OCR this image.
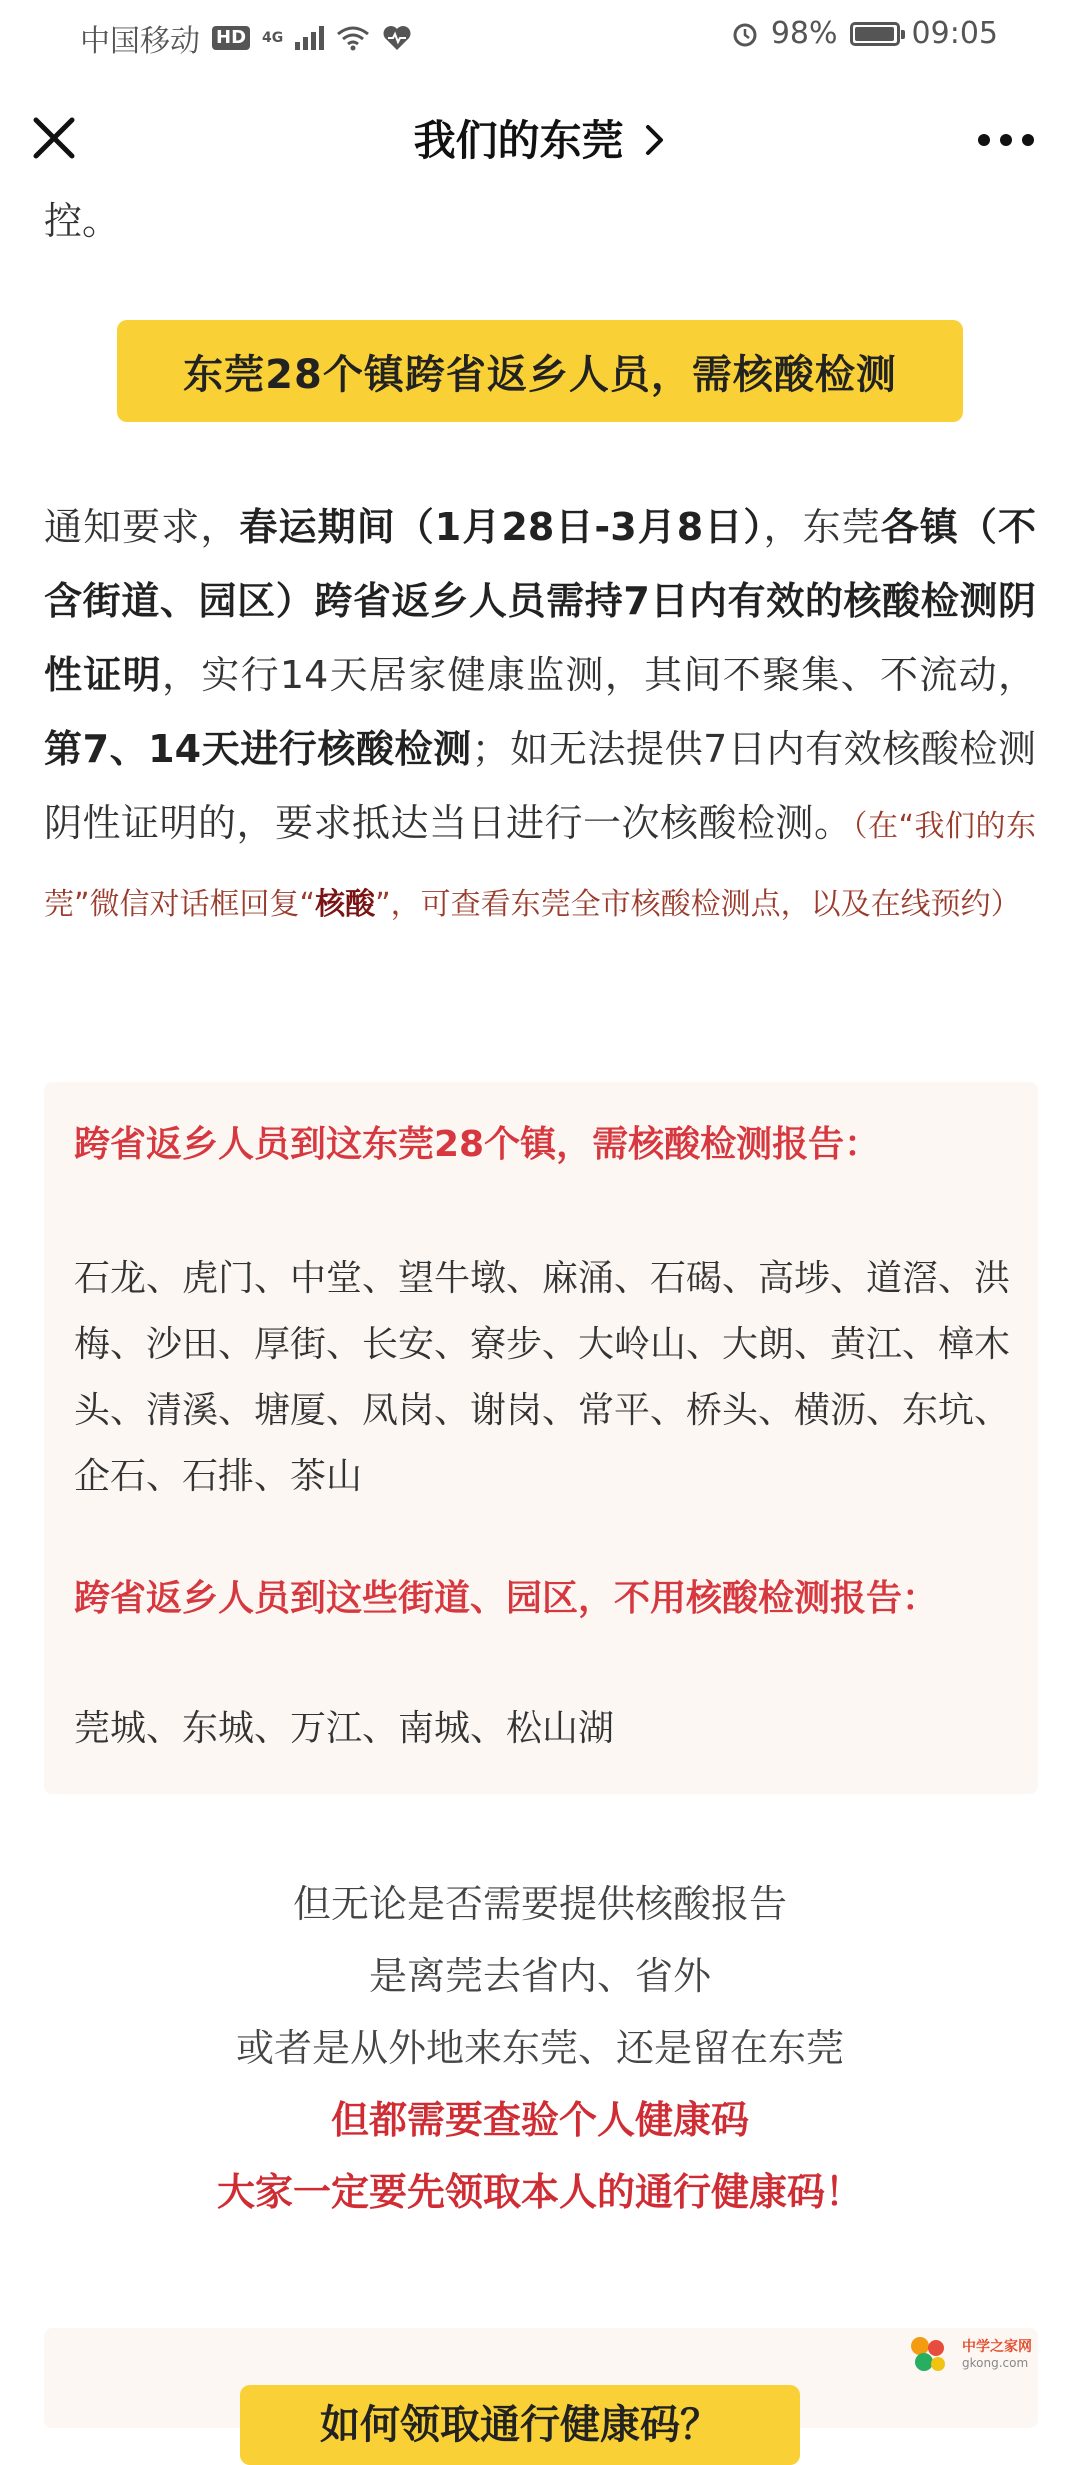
中国移动 HD 4G	98% 09:05
我们的东莞
控。
东莞28个镇跨省返乡人员，需核酸检测
通知要求，春运期间（1月28日-3月8日），东莞各镇（不含街道、园区）跨省返乡人员需持7日内有效的核酸检测阴性证明，实行14天居家健康监测，其间不聚集、不流动，第7、14天进行核酸检测；如无法提供7日内有效核酸检测阴性证明的，要求抵达当日进行一次核酸检测。（在“我们的东莞”微信对话框回复“核酸”，可查看东莞全市核酸检测点，以及在线预约）
跨省返乡人员到这东莞28个镇，需核酸检测报告：
石龙、虎门、中堂、望牛墩、麻涌、石碣、高埗、道滘、洪梅、沙田、厚街、长安、寮步、大岭山、大朗、黄江、樟木头、清溪、塘厦、凤岗、谢岗、常平、桥头、横沥、东坑、企石、石排、茶山
跨省返乡人员到这些街道、园区，不用核酸检测报告：
莞城、东城、万江、南城、松山湖
但无论是否需要提供核酸报告
是离莞去省内、省外
或者是从外地来东莞、还是留在东莞
但都需要查验个人健康码
大家一定要先领取本人的通行健康码！
如何领取通行健康码？
中学之家网
gkong.com
